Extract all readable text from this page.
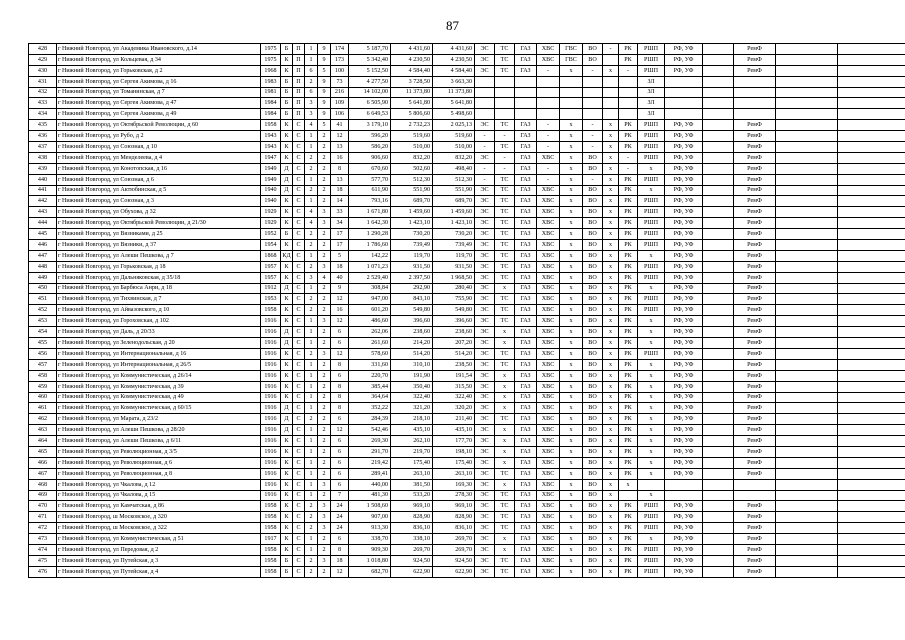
87
428	г Нижний Новгород, ул Академика Ивановского, д.14	1975	Б	П	1	9	174	5 187,70	4 431,60	4 431,60	ЭС	ТС	ГАЗ	ХВС	ГВС	ВО	-	РК	РШП	РФ, УФ		РемФ		
429	г Нижний Новгород, ул Кольцевая, д 34	1975	К	П	1	9	173	5 342,40	4 230,50	4 230,50	ЭС	ТС	ГАЗ	ХВС	ГВС	ВО		РК	РШП	РФ, УФ		РемФ		
430	г Нижний Новгород, ул Горьковская, д 2	1968	К	П	6	5	100	5 152,50	4 584,40	4 584,40	ЭС	ТС	ГАЗ	-	х	-	х	-	РШП	РФ, УФ		РемФ		
431	г Нижний Новгород, ул Сергея Акимова, д 16	1983	Б	П	2	9	73	4 277,50	3 728,50	3 663,30									ЗЛ					
432	г Нижний Новгород, ул Томанинская, д 7	1981	Б	П	6	9	216	14 102,00	11 373,80	11 373,80									ЗЛ					
433	г Нижний Новгород, ул Сергея Акимова, д 47	1984	Б	П	3	9	109	6 505,90	5 641,80	5 641,80									ЗЛ					
434	г Нижний Новгород, ул Сергея Акимова, д 49	1984	Б	П	3	9	106	6 649,53	5 806,60	5 498,60									ЗЛ					
435	г Нижний Новгород, ул Октябрьской Революции, д 60	1958	К	С	4	5	41	3 179,10	2 732,23	2 025,13	ЭС	ТС	ГАЗ	-	х	-	х	РК	РШП	РФ, УФ		РемФ		
436	г Нижний Новгород, ул Рубо, д 2	1943	К	С	1	2	12	596,20	519,60	519,60	-	-	ГАЗ	-	х	-	х	РК	РШП	РФ, УФ		РемФ		
437	г Нижний Новгород, ул Союзная, д 10	1943	К	С	1	2	13	586,20	510,00	510,00	-	ТС	ГАЗ	-	х	-	х	РК	РШП	РФ, УФ		РемФ		
438	г Нижний Новгород, ул Менделеева, д 4	1947	К	С	2	2	16	906,60	832,20	832,20	ЭС	-	ГАЗ	ХВС	х	ВО	х	-	РШП	РФ, УФ		РемФ		
439	г Нижний Новгород, ул Конотопская, д 16	1949	Д	С	2	2	8	670,60	502,60	498,40	-	-	ГАЗ	-	х	ВО	х	-	х	РФ, УФ		РемФ		
440	г Нижний Новгород, ул Союзная, д 6	1949	Д	С	1	2	13	577,70	512,30	512,30	-	ТС	ГАЗ	-	х	-	х	РК	РШП	РФ, УФ		РемФ		
441	г Нижний Новгород, ул Актюбинская, д 5	1940	Д	С	2	2	18	611,90	551,90	551,90	ЭС	ТС	ГАЗ	ХВС	х	ВО	х	РК	х	РФ, УФ		РемФ		
442	г Нижний Новгород, ул Союзная, д 3	1940	К	С	1	2	14	793,16	689,70	689,70	ЭС	ТС	ГАЗ	ХВС	х	ВО	х	РК	РШП	РФ, УФ		РемФ		
443	г Нижний Новгород, ул Обухова, д 32	1929	К	С	4	3	33	1 671,80	1 459,60	1 459,60	ЭС	ТС	ГАЗ	ХВС	х	ВО	х	РК	РШП	РФ, УФ		РемФ		
444	г Нижний Новгород, ул Октябрьской Революции, д 21/30	1929	К	С	4	3	34	1 642,30	1 423,10	1 423,10	ЭС	ТС	ГАЗ	ХВС	х	ВО	х	РК	РШП	РФ, УФ		РемФ		
445	г Нижний Новгород, ул Вязниками, д 25	1952	Б	С	2	2	17	1 290,28	730,20	730,20	ЭС	ТС	ГАЗ	ХВС	х	ВО	х	РК	РШП	РФ, УФ		РемФ		
446	г Нижний Новгород, ул Вязники, д 37	1954	К	С	2	2	17	1 786,60	739,49	739,49	ЭС	ТС	ГАЗ	ХВС	х	ВО	х	РК	РШП	РФ, УФ		РемФ		
447	г Нижний Новгород, ул Алеши Пешкова, д 7	1868	КД	С	1	2	5	142,22	119,70	119,70	ЭС	ТС	ГАЗ	ХВС	х	ВО	х	РК	х	РФ, УФ		РемФ		
448	г Нижний Новгород, ул Горьковская, д 18	1957	К	С	2	3	18	1 071,23	931,50	931,50	ЭС	ТС	ГАЗ	ХВС	х	ВО	х	РК	РШП	РФ, УФ		РемФ		
449	г Нижний Новгород, ул Дальняковская, д 35/18	1957	К	С	3	4	40	2 529,40	2 397,50	1 968,50	ЭС	ТС	ГАЗ	ХВС	х	ВО	х	РК	РШП	РФ, УФ		РемФ		
450	г Нижний Новгород, ул Барбюса Анри, д 18	1912	Д	С	1	2	9	308,84	292,90	280,40	ЭС	х	ГАЗ	ХВС	х	ВО	х	РК	х	РФ, УФ		РемФ		
451	г Нижний Новгород, ул Тихвинская, д 7	1953	К	С	2	2	12	947,00	843,10	755,90	ЭС	ТС	ГАЗ	ХВС	х	ВО	х	РК	РШП	РФ, УФ		РемФ		
452	г Нижний Новгород, ул Айвазовского, д 10	1958	К	С	2	2	16	601,20	549,80	549,80	ЭС	ТС	ГАЗ	ХВС	х	ВО	х	РК	РШП	РФ, УФ		РемФ		
453	г Нижний Новгород, ул Гороховская, д 102	1916	К	С	1	3	12	486,60	396,60	396,60	ЭС	ТС	ГАЗ	ХВС	х	ВО	х	РК	х	РФ, УФ		РемФ		
454	г Нижний Новгород, ул Даль, д 20/33	1916	Д	С	1	2	6	262,06	238,60	238,60	ЭС	х	ГАЗ	ХВС	х	ВО	х	РК	х	РФ, УФ		РемФ		
455	г Нижний Новгород, ул Зеленодольская, д 20	1916	Д	С	1	2	6	261,60	214,20	207,20	ЭС	х	ГАЗ	ХВС	х	ВО	х	РК	х	РФ, УФ		РемФ		
456	г Нижний Новгород, ул Интернациональная, д 16	1916	К	С	2	3	12	578,60	514,20	514,20	ЭС	ТС	ГАЗ	ХВС	х	ВО	х	РК	РШП	РФ, УФ		РемФ		
457	г Нижний Новгород, ул Интернациональная, д 26/5	1916	К	С	1	2	8	331,60	310,10	238,50	ЭС	ТС	ГАЗ	ХВС	х	ВО	х	РК	х	РФ, УФ		РемФ		
458	г Нижний Новгород, ул Коммунистическая, д 26/14	1916	К	С	1	2	6	220,70	191,90	191,54	ЭС	х	ГАЗ	ХВС	х	ВО	х	РК	х	РФ, УФ		РемФ		
459	г Нижний Новгород, ул Коммунистическая, д 39	1916	К	С	1	2	8	385,44	350,40	315,50	ЭС	х	ГАЗ	ХВС	х	ВО	х	РК	х	РФ, УФ		РемФ		
460	г Нижний Новгород, ул Коммунистическая, д 49	1916	К	С	1	2	8	364,64	322,40	322,40	ЭС	х	ГАЗ	ХВС	х	ВО	х	РК	х	РФ, УФ		РемФ		
461	г Нижний Новгород, ул Коммунистическая, д 60/15	1916	Д	С	1	2	8	352,22	321,20	320,20	ЭС	х	ГАЗ	ХВС	х	ВО	х	РК	х	РФ, УФ		РемФ		
462	г Нижний Новгород, ул Марата, д 23/2	1916	Д	С	2	2	6	284,39	218,10	211,40	ЭС	ТС	ГАЗ	ХВС	х	ВО	х	РК	х	РФ, УФ		РемФ		
463	г Нижний Новгород, ул Алеши Пешкова, д 28/20	1916	Д	С	1	2	12	542,46	435,10	435,10	ЭС	х	ГАЗ	ХВС	х	ВО	х	РК	х	РФ, УФ		РемФ		
464	г Нижний Новгород, ул Алеши Пешкова, д 6/11	1916	К	С	1	2	6	269,30	262,10	177,70	ЭС	х	ГАЗ	ХВС	х	ВО	х	РК	х	РФ, УФ		РемФ		
465	г Нижний Новгород, ул Революционная, д 3/5	1916	К	С	1	2	6	291,70	219,70	198,10	ЭС	х	ГАЗ	ХВС	х	ВО	х	РК	х	РФ, УФ		РемФ		
466	г Нижний Новгород, ул Революционная, д 6	1916	К	С	1	2	6	219,42	175,40	175,40	ЭС	х	ГАЗ	ХВС	х	ВО	х	РК	х	РФ, УФ		РемФ		
467	г Нижний Новгород, ул Революционная, д 8	1916	К	С	1	2	6	289,41	263,10	263,10	ЭС	ТС	ГАЗ	ХВС	х	ВО	х	РК	х	РФ, УФ		РемФ		
468	г Нижний Новгород, ул Чкалова, д 12	1916	К	С	1	3	6	440,00	381,50	169,30	ЭС	х	ГАЗ	ХВС	х	ВО	х	х						
469	г Нижний Новгород, ул Чкалова, д 15	1916	К	С	1	2	7	481,30	533,20	278,30	ЭС	ТС	ГАЗ	ХВС	х	ВО	х		х					
470	г Нижний Новгород, ул Камчатская, д 86	1958	К	С	2	3	24	1 508,60	969,10	969,10	ЭС	ТС	ГАЗ	ХВС	х	ВО	х	РК	РШП	РФ, УФ		РемФ		
471	г Нижний Новгород, ш Московское, д 320	1958	К	С	2	3	24	907,00	828,90	828,90	ЭС	ТС	ГАЗ	ХВС	х	ВО	х	РК	РШП	РФ, УФ		РемФ		
472	г Нижний Новгород, ш Московское, д 322	1958	К	С	2	3	24	913,30	836,10	836,10	ЭС	ТС	ГАЗ	ХВС	х	ВО	х	РК	РШП	РФ, УФ		РемФ		
473	г Нижний Новгород, ул Коммунистическая, д 51	1917	К	С	1	2	6	338,70	338,10	269,70	ЭС	х	ГАЗ	ХВС	х	ВО	х	РК	х	РФ, УФ		РемФ		
474	г Нижний Новгород, ул Передовая, д 2	1958	К	С	1	2	8	909,30	269,70	269,70	ЭС	х	ГАЗ	ХВС	х	ВО	х	РК	РШП	РФ, УФ		РемФ		
475	г Нижний Новгород, ул Путейская, д 3	1958	Б	С	2	3	18	1 018,80	924,50	924,50	ЭС	ТС	ГАЗ	ХВС	х	ВО	х	РК	РШП	РФ, УФ		РемФ		
476	г Нижний Новгород, ул Путейская, д 4	1958	Б	С	2	2	12	682,70	622,90	622,90	ЭС	ТС	ГАЗ	ХВС	х	ВО	х	РК	РШП	РФ, УФ		РемФ		
